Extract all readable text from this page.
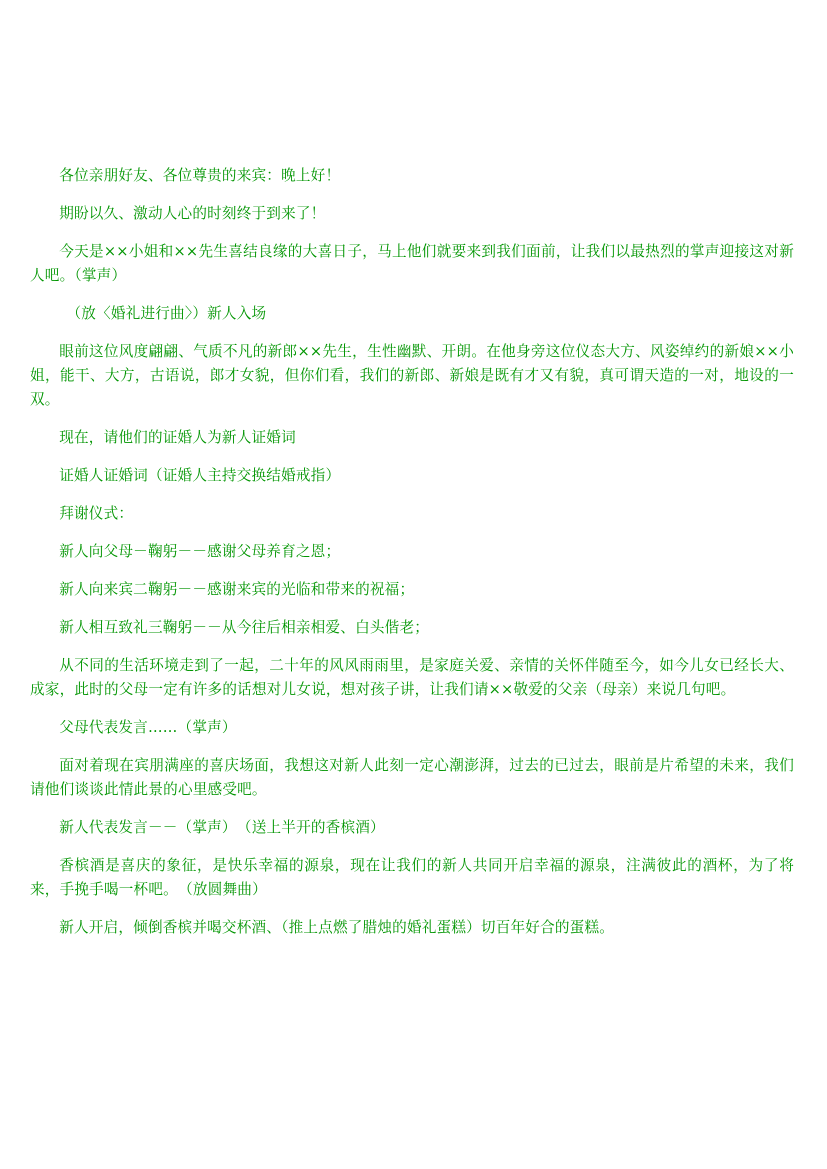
各位亲朋好友、各位尊贵的来宾：晚上好！

期盼以久、激动人心的时刻终于到来了！

今天是××小姐和××先生喜结良缘的大喜日子，马上他们就要来到我们面前，让我们以最热烈的掌声迎接这对新人吧。（掌声）

（放〈婚礼进行曲〉）新人入场

眼前这位风度翩翩、气质不凡的新郎××先生，生性幽默、开朗。在他身旁这位仪态大方、风姿绰约的新娘××小姐，能干、大方，古语说，郎才女貌，但你们看，我们的新郎、新娘是既有才又有貌，真可谓天造的一对，地设的一双。

现在，请他们的证婚人为新人证婚词

证婚人证婚词（证婚人主持交换结婚戒指）

拜谢仪式：

新人向父母－鞠躬－－感谢父母养育之恩；

新人向来宾二鞠躬－－感谢来宾的光临和带来的祝福；

新人相互致礼三鞠躬－－从今往后相亲相爱、白头偕老；

从不同的生活环境走到了一起，二十年的风风雨雨里，是家庭关爱、亲情的关怀伴随至今，如今儿女已经长大、成家，此时的父母一定有许多的话想对儿女说，想对孩子讲，让我们请××敬爱的父亲（母亲）来说几句吧。

父母代表发言……（掌声）

面对着现在宾朋满座的喜庆场面，我想这对新人此刻一定心潮澎湃，过去的已过去，眼前是片希望的未来，我们请他们谈谈此情此景的心里感受吧。

新人代表发言－－（掌声）　（送上半开的香槟酒）

香槟酒是喜庆的象征，是快乐幸福的源泉，现在让我们的新人共同开启幸福的源泉，注满彼此的酒杯，为了将来，手挽手喝一杯吧。　（放圆舞曲）

新人开启，倾倒香槟并喝交杯酒、（推上点燃了腊烛的婚礼蛋糕）切百年好合的蛋糕。
